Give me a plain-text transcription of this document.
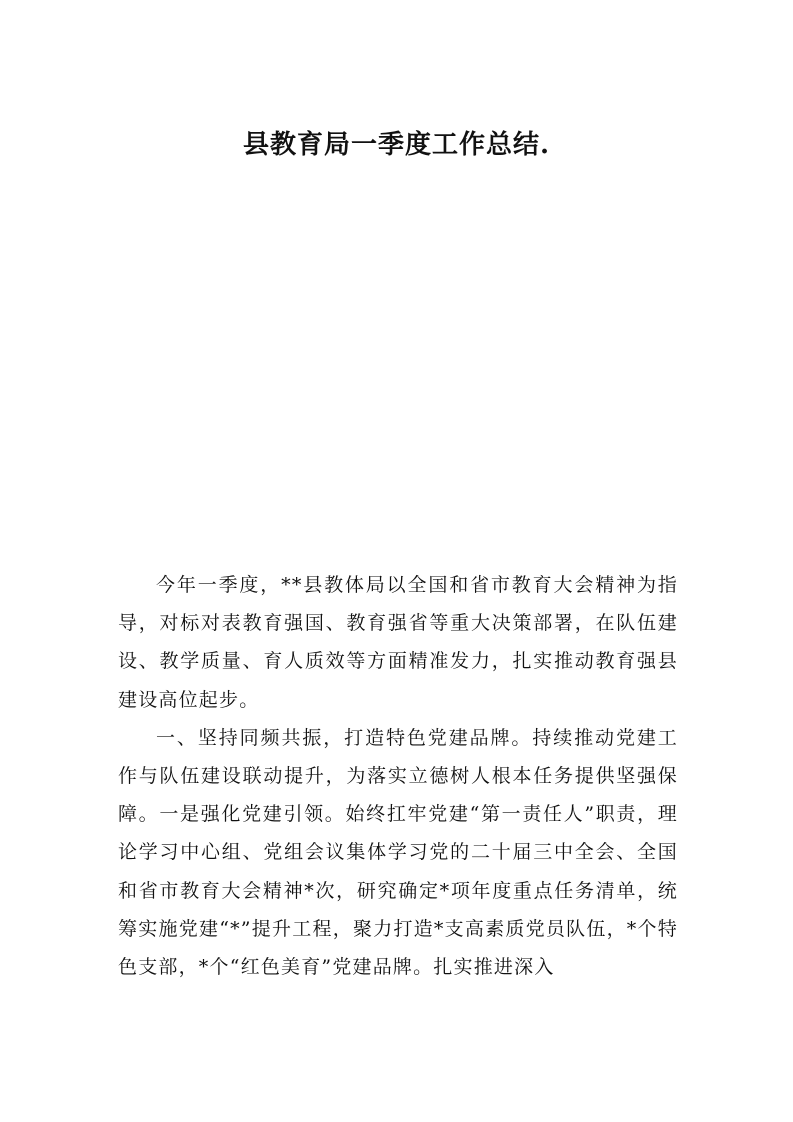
县教育局一季度工作总结.

今年一季度，**县教体局以全国和省市教育大会精神为指导，对标对表教育强国、教育强省等重大决策部署，在队伍建设、教学质量、育人质效等方面精准发力，扎实推动教育强县建设高位起步。

一、坚持同频共振，打造特色党建品牌。持续推动党建工作与队伍建设联动提升，为落实立德树人根本任务提供坚强保障。一是强化党建引领。始终扛牢党建“第一责任人”职责，理论学习中心组、党组会议集体学习党的二十届三中全会、全国和省市教育大会精神*次，研究确定*项年度重点任务清单，统筹实施党建“*”提升工程，聚力打造*支高素质党员队伍，*个特色支部，*个“红色美育”党建品牌。扎实推进深入
